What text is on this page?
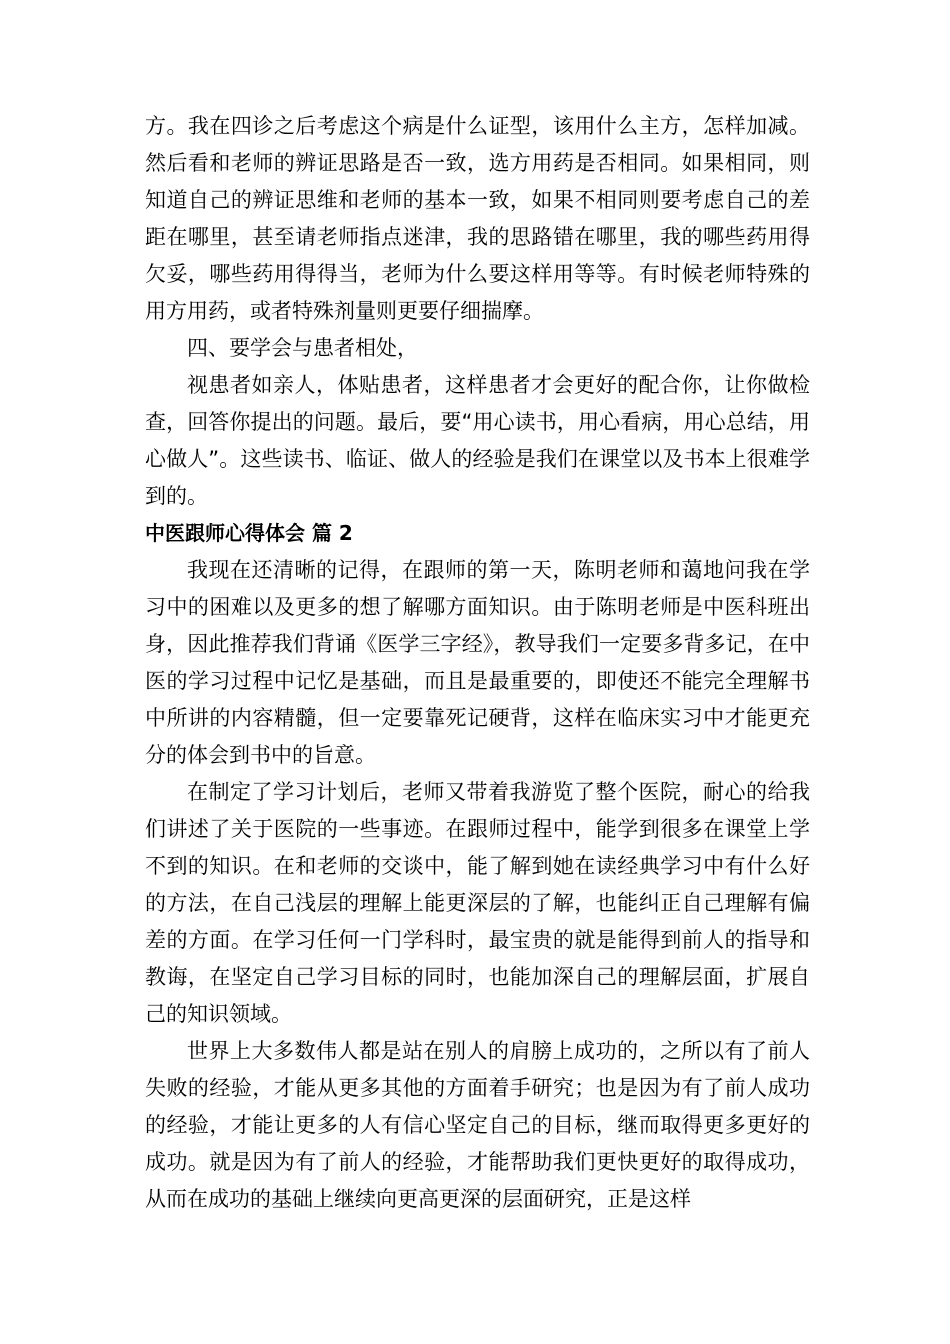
方。我在四诊之后考虑这个病是什么证型，该用什么主方，怎样加减。然后看和老师的辨证思路是否一致，选方用药是否相同。如果相同，则知道自己的辨证思维和老师的基本一致，如果不相同则要考虑自己的差距在哪里，甚至请老师指点迷津，我的思路错在哪里，我的哪些药用得欠妥，哪些药用得得当，老师为什么要这样用等等。有时候老师特殊的用方用药，或者特殊剂量则更要仔细揣摩。

四、要学会与患者相处，

视患者如亲人，体贴患者，这样患者才会更好的配合你，让你做检查，回答你提出的问题。最后，要“用心读书，用心看病，用心总结，用心做人”。这些读书、临证、做人的经验是我们在课堂以及书本上很难学到的。

中医跟师心得体会 篇 2

我现在还清晰的记得，在跟师的第一天，陈明老师和蔼地问我在学习中的困难以及更多的想了解哪方面知识。由于陈明老师是中医科班出身，因此推荐我们背诵《医学三字经》，教导我们一定要多背多记，在中医的学习过程中记忆是基础，而且是最重要的，即使还不能完全理解书中所讲的内容精髓，但一定要靠死记硬背，这样在临床实习中才能更充分的体会到书中的旨意。

在制定了学习计划后，老师又带着我游览了整个医院，耐心的给我们讲述了关于医院的一些事迹。在跟师过程中，能学到很多在课堂上学不到的知识。在和老师的交谈中，能了解到她在读经典学习中有什么好的方法，在自己浅层的理解上能更深层的了解，也能纠正自己理解有偏差的方面。在学习任何一门学科时，最宝贵的就是能得到前人的指导和教诲，在坚定自己学习目标的同时，也能加深自己的理解层面，扩展自己的知识领域。

世界上大多数伟人都是站在别人的肩膀上成功的，之所以有了前人失败的经验，才能从更多其他的方面着手研究；也是因为有了前人成功的经验，才能让更多的人有信心坚定自己的目标，继而取得更多更好的成功。就是因为有了前人的经验，才能帮助我们更快更好的取得成功，从而在成功的基础上继续向更高更深的层面研究，正是这样
